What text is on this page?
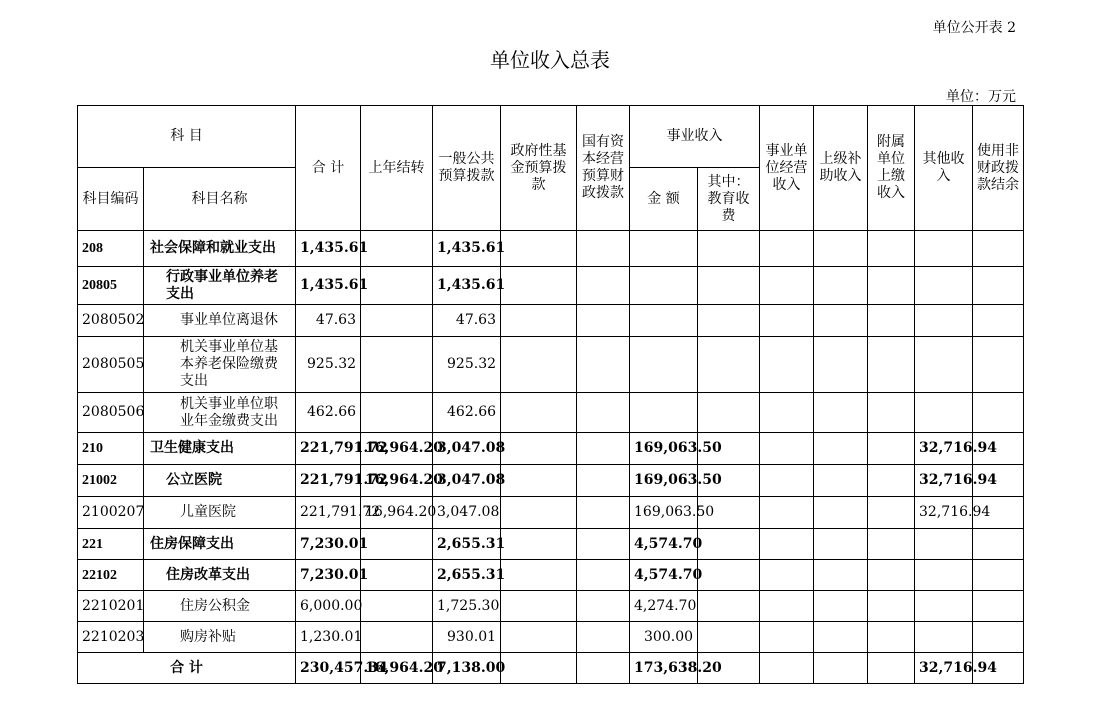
单位公开表 2
单位收入总表
单位：万元
科 目		合 计	上年结转	一般公共预算拨款	政府性基金预算拨款	国有资本经营预算财政拨款	事业收入		事业单位经营收入	上级补助收入	附属单位上缴收入	其他收入	使用非财政拨款结余
科目编码	科目名称						金 额	其中：教育收费					
208	社会保障和就业支出	1,435.61		1,435.61									
20805	行政事业单位养老支出	1,435.61		1,435.61									
2080502	事业单位离退休	47.63		47.63									
2080505	机关事业单位基本养老保险缴费支出	925.32		925.32									
2080506	机关事业单位职业年金缴费支出	462.66		462.66									
210	卫生健康支出	221,791.72	16,964.20	3,047.08			169,063.50					32,716.94	
21002	公立医院	221,791.72	16,964.20	3,047.08			169,063.50					32,716.94	
2100207	儿童医院	221,791.72	16,964.20	3,047.08			169,063.50					32,716.94	
221	住房保障支出	7,230.01		2,655.31			4,574.70						
22102	住房改革支出	7,230.01		2,655.31			4,574.70						
2210201	住房公积金	6,000.00		1,725.30			4,274.70						
2210203	购房补贴	1,230.01		930.01			300.00						
合 计		230,457.34	16,964.20	7,138.00			173,638.20					32,716.94	
